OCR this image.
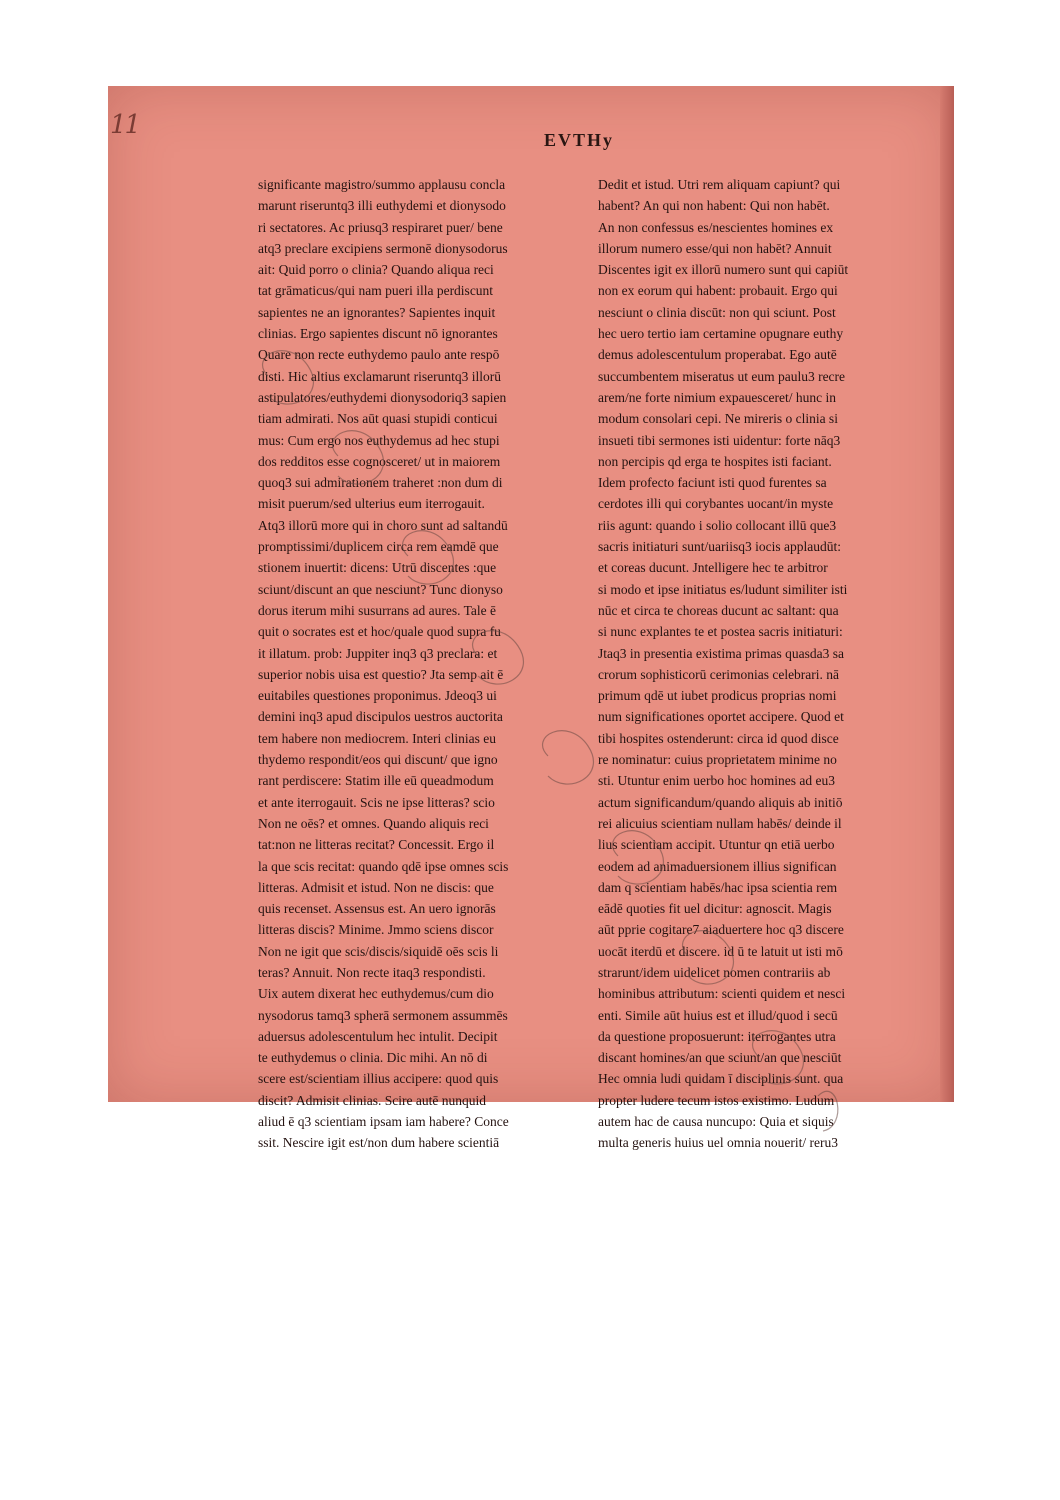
11	EVTHy
significante magistro/summo applausu concla
marunt riseruntq3 illi euthydemi et dionysodo
ri sectatores. Ac priusq3 respiraret puer/ bene
atq3 preclare excipiens sermonē dionysodorus
ait: Quid porro o clinia? Quando aliqua reci
tat grāmaticus/qui nam pueri illa perdiscunt
sapientes ne an ignorantes? Sapientes inquit
clinias. Ergo sapientes discunt nō ignorantes
Quare non recte euthydemo paulo ante respō
disti. Hic altius exclamarunt riseruntq3 illorū
astipulatores/euthydemi dionysodoriq3 sapien
tiam admirati. Nos aūt quasi stupidi conticui
mus: Cum ergo nos euthydemus ad hec stupi
dos redditos esse cognosceret/ ut in maiorem
quoq3 sui admirationem traheret :non dum di
misit puerum/sed ulterius eum iterrogauit.
Atq3 illorū more qui in choro sunt ad saltandū
promptissimi/duplicem circa rem eamdē que
stionem inuertit: dicens: Utrū discentes :que
sciunt/discunt an que nesciunt? Tunc dionyso
dorus iterum mihi susurrans ad aures. Tale ē
quit o socrates est et hoc/quale quod supra fu
it illatum. prob: Juppiter inq3 q3 preclara: et
superior nobis uisa est questio? Jta semp ait ē
euitabiles questiones proponimus. Jdeoq3 ui
demini inq3 apud discipulos uestros auctorita
tem habere non mediocrem. Interi clinias eu
thydemo respondit/eos qui discunt/ que igno
rant perdiscere: Statim ille eū queadmodum
et ante iterrogauit. Scis ne ipse litteras? scio
Non ne oēs? et omnes. Quando aliquis reci
tat:non ne litteras recitat? Concessit. Ergo il
la que scis recitat: quando qdē ipse omnes scis
litteras. Admisit et istud. Non ne discis: que
quis recenset. Assensus est. An uero ignorās
litteras discis? Minime. Jmmo sciens discor
Non ne igit que scis/discis/siquidē oēs scis li
teras? Annuit. Non recte itaq3 respondisti.
Uix autem dixerat hec euthydemus/cum dio
nysodorus tamq3 spherā sermonem assummēs
aduersus adolescentulum hec intulit. Decipit
te euthydemus o clinia. Dic mihi. An nō di
scere est/scientiam illius accipere: quod quis
discit? Admisit clinias. Scire autē nunquid
aliud ē q3 scientiam ipsam iam habere? Conce
ssit. Nescire igit est/non dum habere scientiā
Dedit et istud. Utri rem aliquam capiunt? qui
habent? An qui non habent: Qui non habēt.
An non confessus es/nescientes homines ex
illorum numero esse/qui non habēt? Annuit
Discentes igit ex illorū numero sunt qui capiūt
non ex eorum qui habent: probauit. Ergo qui
nesciunt o clinia discūt: non qui sciunt. Post
hec uero tertio iam certamine opugnare euthy
demus adolescentulum properabat. Ego autē
succumbentem miseratus ut eum paulu3 recre
arem/ne forte nimium expauesceret/ hunc in
modum consolari cepi. Ne mireris o clinia si
insueti tibi sermones isti uidentur: forte nāq3
non percipis qd erga te hospites isti faciant.
Idem profecto faciunt isti quod furentes sa
cerdotes illi qui corybantes uocant/in myste
riis agunt: quando i solio collocant illū que3
sacris initiaturi sunt/uariisq3 iocis applaudūt:
et coreas ducunt. Jntelligere hec te arbitror
si modo et ipse initiatus es/ludunt similiter isti
nūc et circa te choreas ducunt ac saltant: qua
si nunc explantes te et postea sacris initiaturi:
Jtaq3 in presentia existima primas quasda3 sa
crorum sophisticorū cerimonias celebrari. nā
primum qdē ut iubet prodicus proprias nomi
num significationes oportet accipere. Quod et
tibi hospites ostenderunt: circa id quod disce
re nominatur: cuius proprietatem minime no
sti. Utuntur enim uerbo hoc homines ad eu3
actum significandum/quando aliquis ab initiō
rei alicuius scientiam nullam habēs/ deinde il
lius scientiam accipit. Utuntur qn etiā uerbo
eodem ad animaduersionem illius significan
dam q scientiam habēs/hac ipsa scientia rem
eādē quoties fit uel dicitur: agnoscit. Magis
aūt pprie cogitare7 aiaduertere hoc q3 discere
uocāt iterdū et discere. id ū te latuit ut isti mō
strarunt/idem uidelicet nomen contrariis ab
hominibus attributum: scienti quidem et nesci
enti. Simile aūt huius est et illud/quod i secū
da questione proposuerunt: iterrogantes utra
discant homines/an que sciunt/an que nesciūt
Hec omnia ludi quidam ī disciplinis sunt. qua
propter ludere tecum istos existimo. Ludum
autem hac de causa nuncupo: Quia et siquis
multa generis huius uel omnia nouerit/ reru3
